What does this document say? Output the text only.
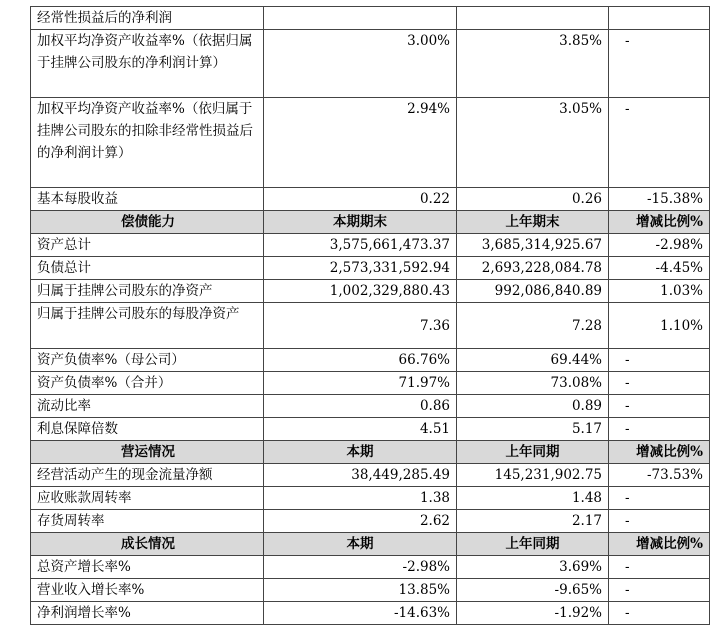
经常性损益后的净利润			
加权平均净资产收益率%（依据归属于挂牌公司股东的净利润计算）	3.00%	3.85%	-
加权平均净资产收益率%（依归属于挂牌公司股东的扣除非经常性损益后的净利润计算）	2.94%	3.05%	-
基本每股收益	0.22	0.26	-15.38%
偿债能力	本期期末	上年期末	增减比例%
资产总计	3,575,661,473.37	3,685,314,925.67	-2.98%
负债总计	2,573,331,592.94	2,693,228,084.78	-4.45%
归属于挂牌公司股东的净资产	1,002,329,880.43	992,086,840.89	1.03%
归属于挂牌公司股东的每股净资产	7.36	7.28	1.10%
资产负债率%（母公司）	66.76%	69.44%	-
资产负债率%（合并）	71.97%	73.08%	-
流动比率	0.86	0.89	-
利息保障倍数	4.51	5.17	-
营运情况	本期	上年同期	增减比例%
经营活动产生的现金流量净额	38,449,285.49	145,231,902.75	-73.53%
应收账款周转率	1.38	1.48	-
存货周转率	2.62	2.17	-
成长情况	本期	上年同期	增减比例%
总资产增长率%	-2.98%	3.69%	-
营业收入增长率%	13.85%	-9.65%	-
净利润增长率%	-14.63%	-1.92%	-
